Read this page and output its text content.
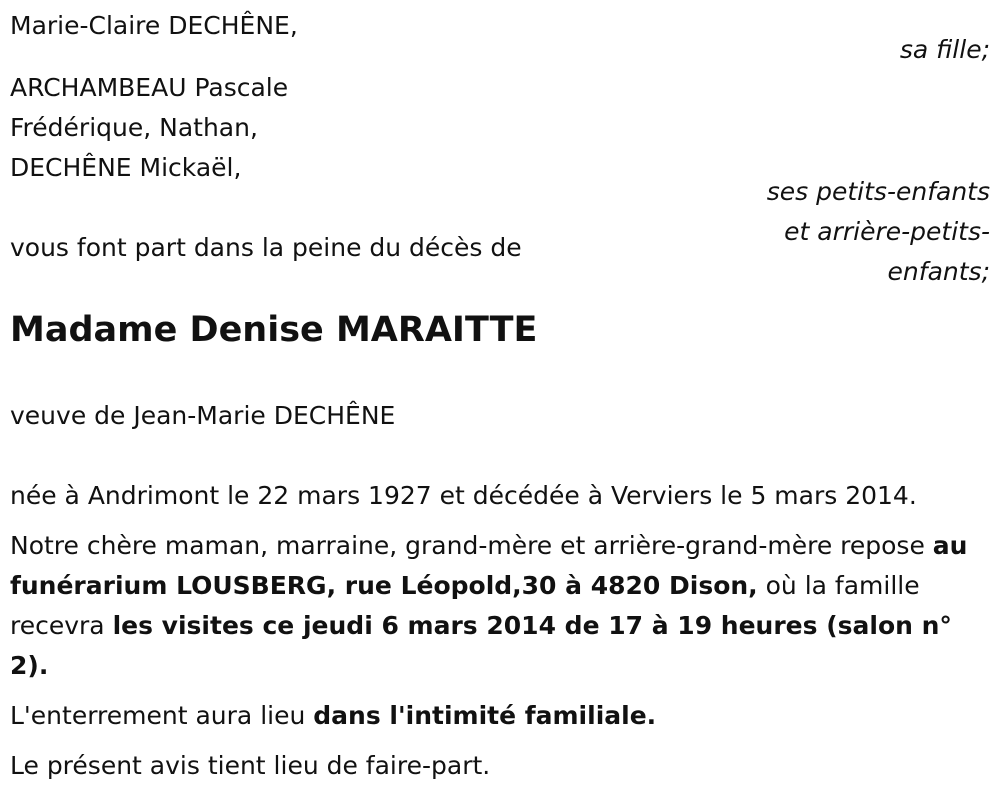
Marie-Claire DECHÊNE,
sa fille;
ARCHAMBEAU Pascale
Frédérique, Nathan,
DECHÊNE Mickaël,
ses petits-enfants
et arrière-petits-
enfants;
vous font part dans la peine du décès de
Madame Denise MARAITTE
veuve de Jean-Marie DECHÊNE
née à Andrimont le 22 mars 1927 et décédée à Verviers le 5 mars 2014.
Notre chère maman, marraine, grand-mère et arrière-grand-mère repose au funérarium LOUSBERG, rue Léopold,30 à 4820 Dison, où la famille recevra les visites ce jeudi 6 mars 2014 de 17 à 19 heures (salon n° 2).
L'enterrement aura lieu dans l'intimité familiale.
Le présent avis tient lieu de faire-part.
